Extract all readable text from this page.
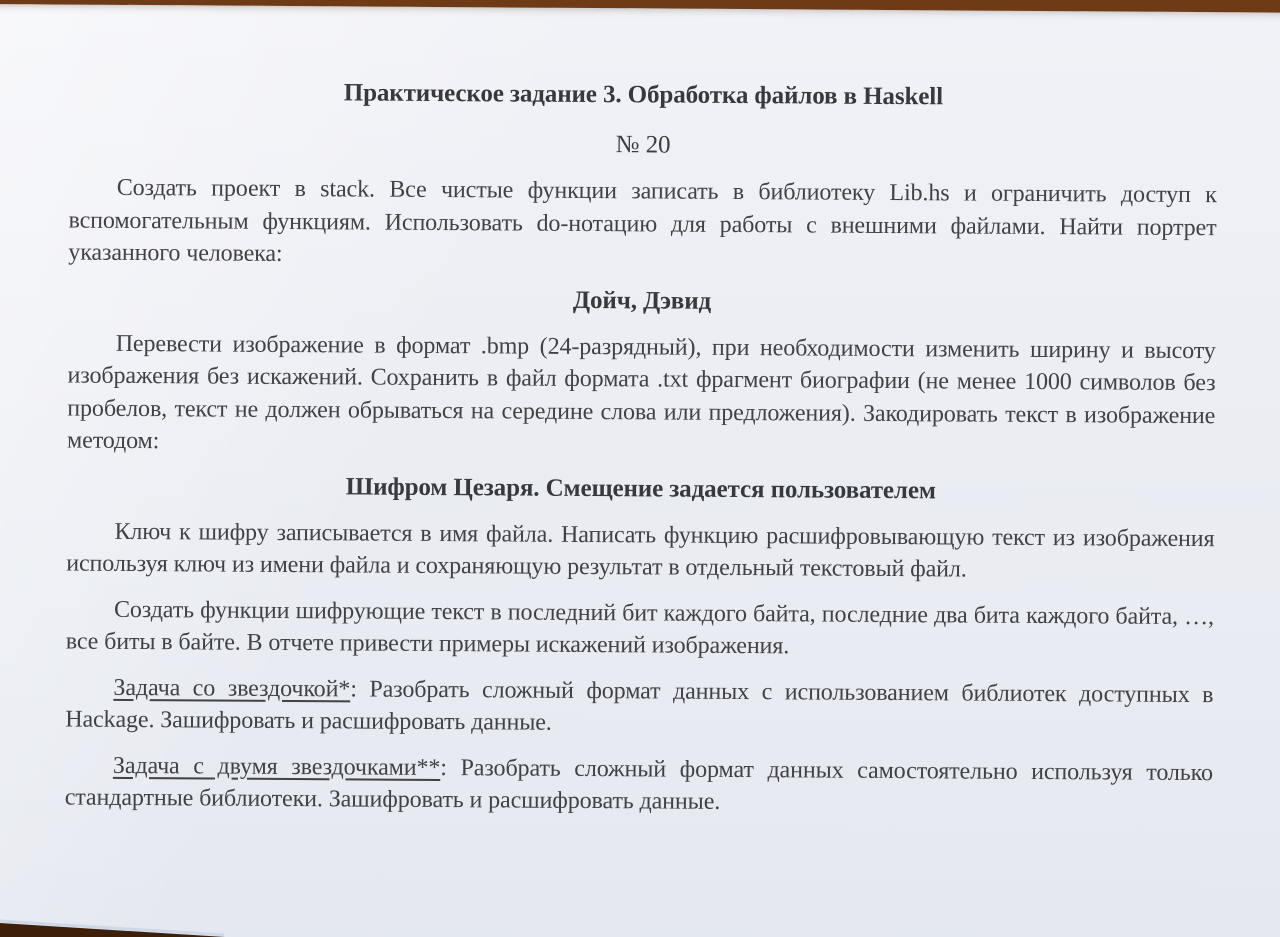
Практическое задание 3. Обработка файлов в Haskell
№ 20

Создать проект в stack. Все чистые функции записать в библиотеку Lib.hs и ограничить доступ к вспомогательным функциям. Использовать do-нотацию для работы с внешними файлами. Найти портрет указанного человека:

Дойч, Дэвид

Перевести изображение в формат .bmp (24-разрядный), при необходимости изменить ширину и высоту изображения без искажений. Сохранить в файл формата .txt фрагмент биографии (не менее 1000 символов без пробелов, текст не должен обрываться на середине слова или предложения). Закодировать текст в изображение методом:

Шифром Цезаря. Смещение задается пользователем

Ключ к шифру записывается в имя файла. Написать функцию расшифровывающую текст из изображения используя ключ из имени файла и сохраняющую результат в отдельный текстовый файл.

Создать функции шифрующие текст в последний бит каждого байта, последние два бита каждого байта, …, все биты в байте. В отчете привести примеры искажений изображения.

Задача со звездочкой*: Разобрать сложный формат данных с использованием библиотек доступных в Hackage. Зашифровать и расшифровать данные.

Задача с двумя звездочками**: Разобрать сложный формат данных самостоятельно используя только стандартные библиотеки. Зашифровать и расшифровать данные.
